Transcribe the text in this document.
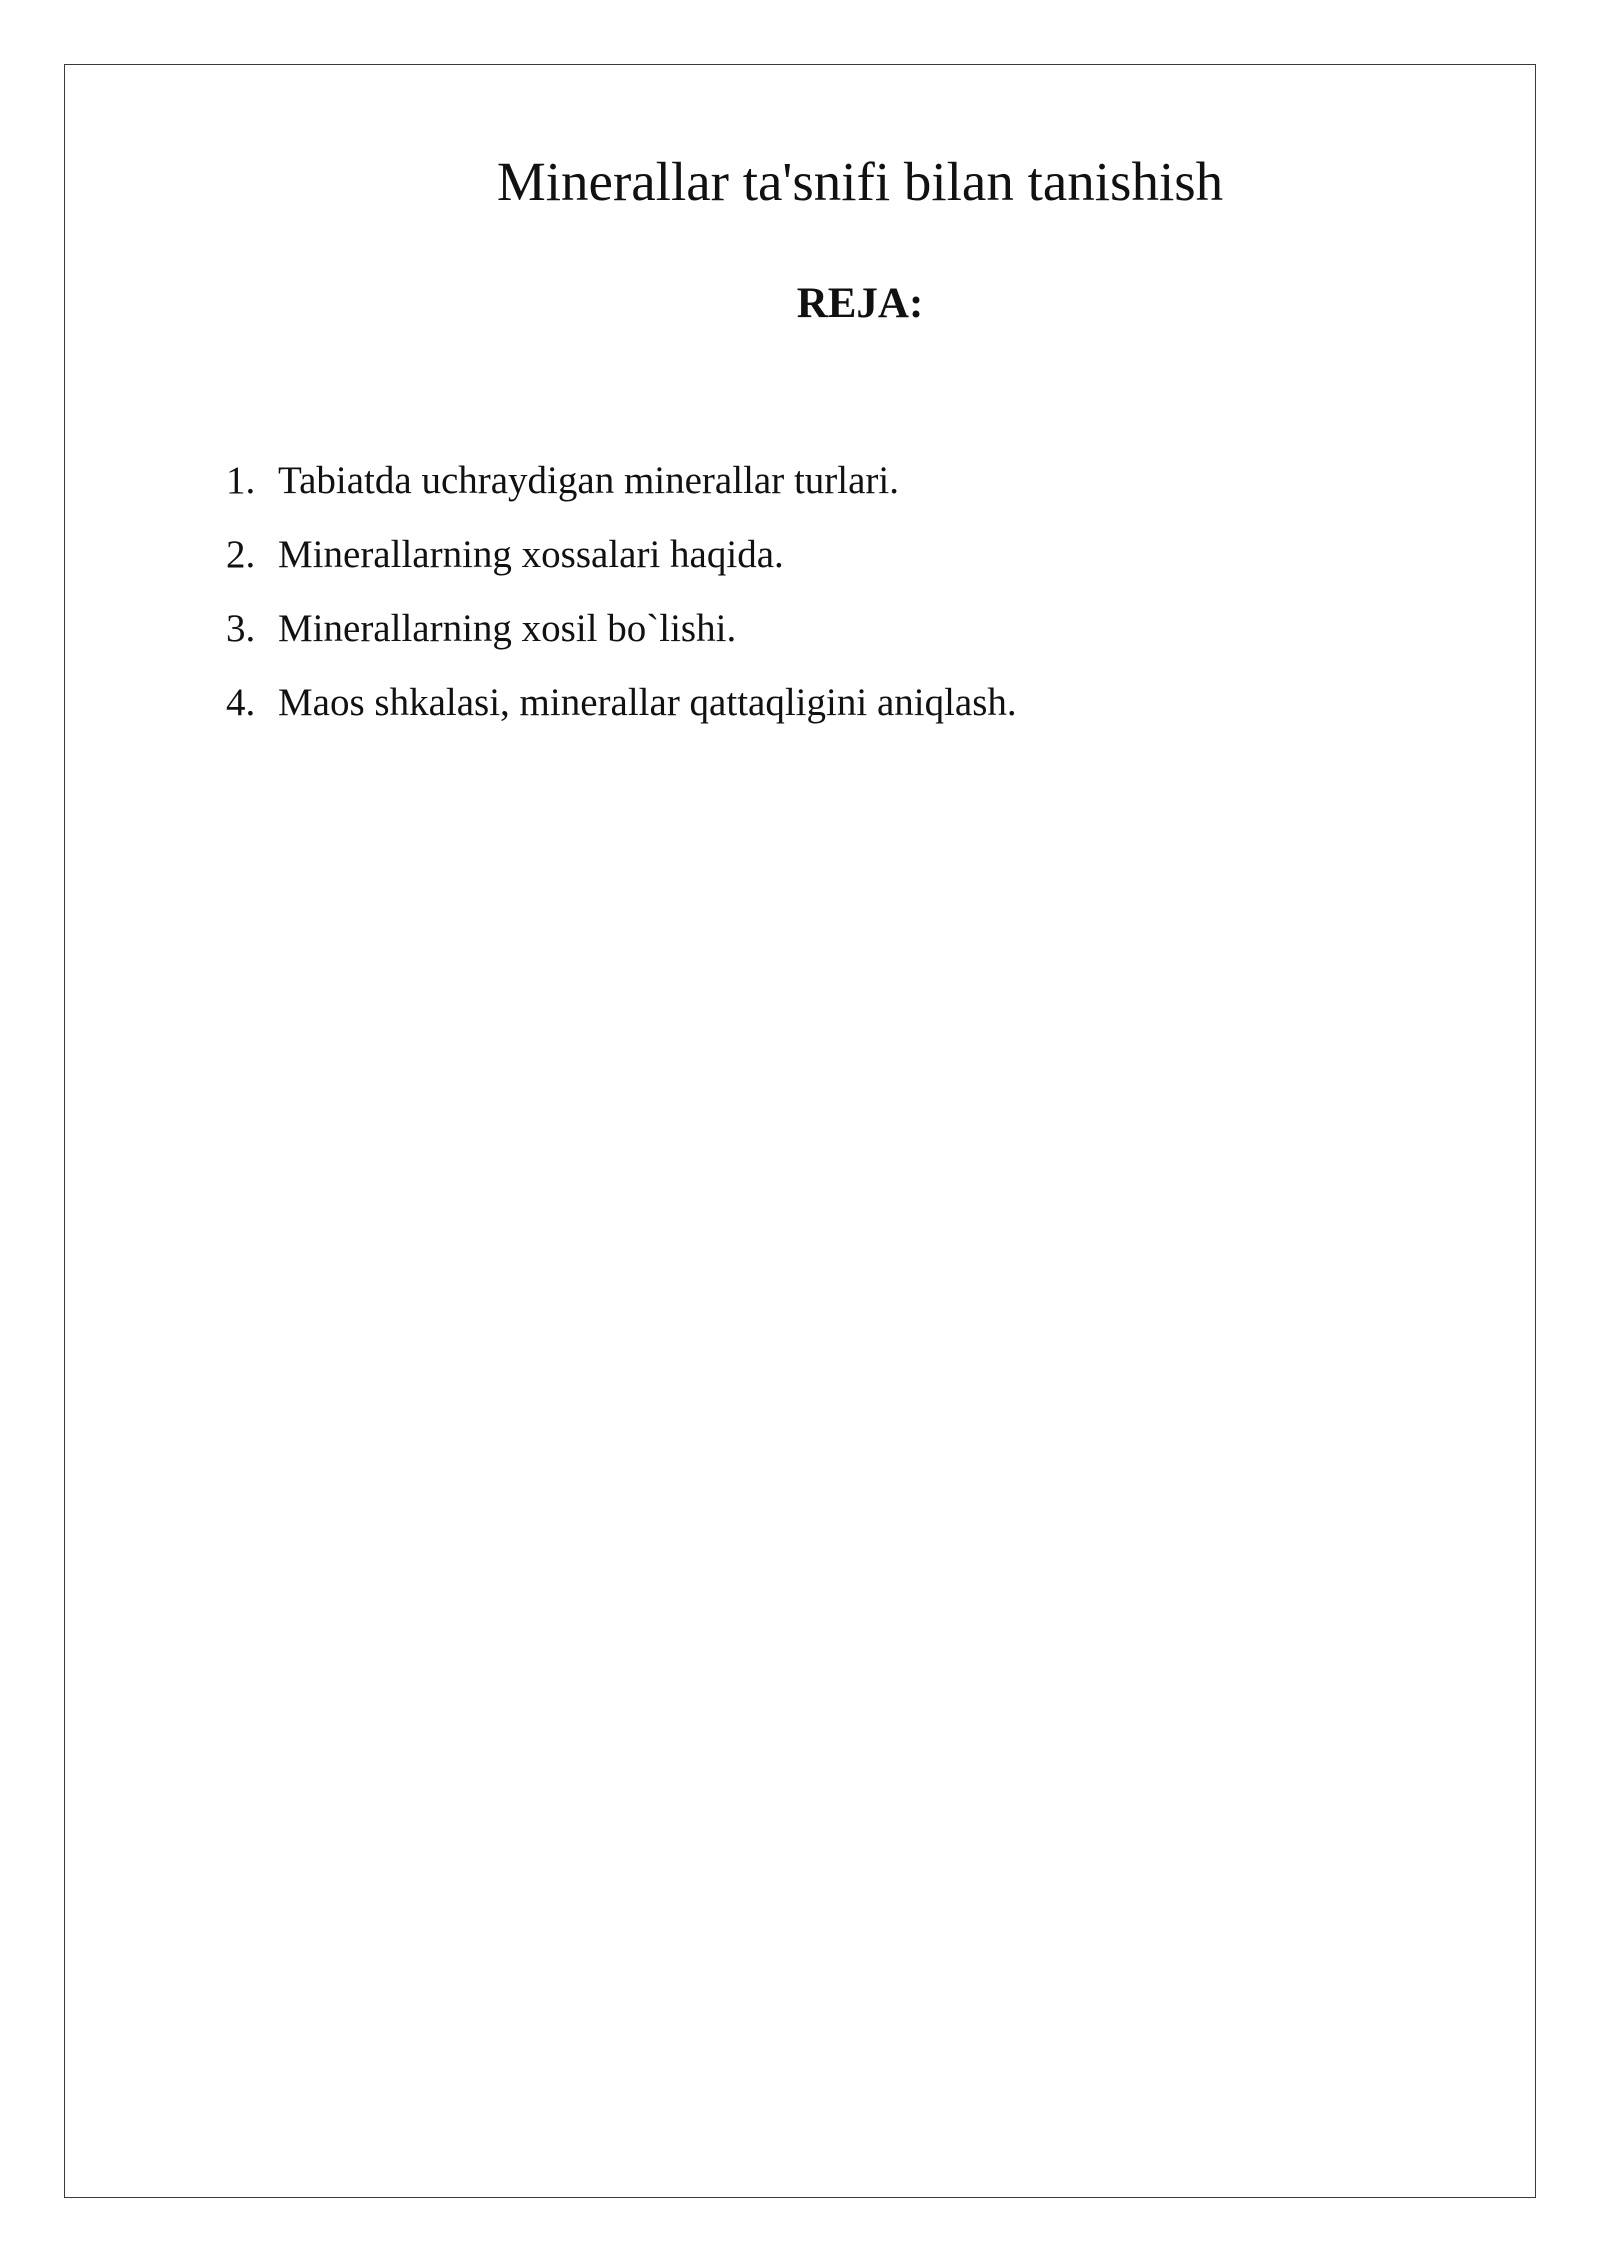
Minerallar ta'snifi bilan tanishish
REJA:
1. Tabiatda uchraydigan minerallar turlari.
2. Minerallarning xossalari haqida.
3. Minerallarning xosil bo`lishi.
4. Maos shkalasi, minerallar qattaqligini aniqlash.
